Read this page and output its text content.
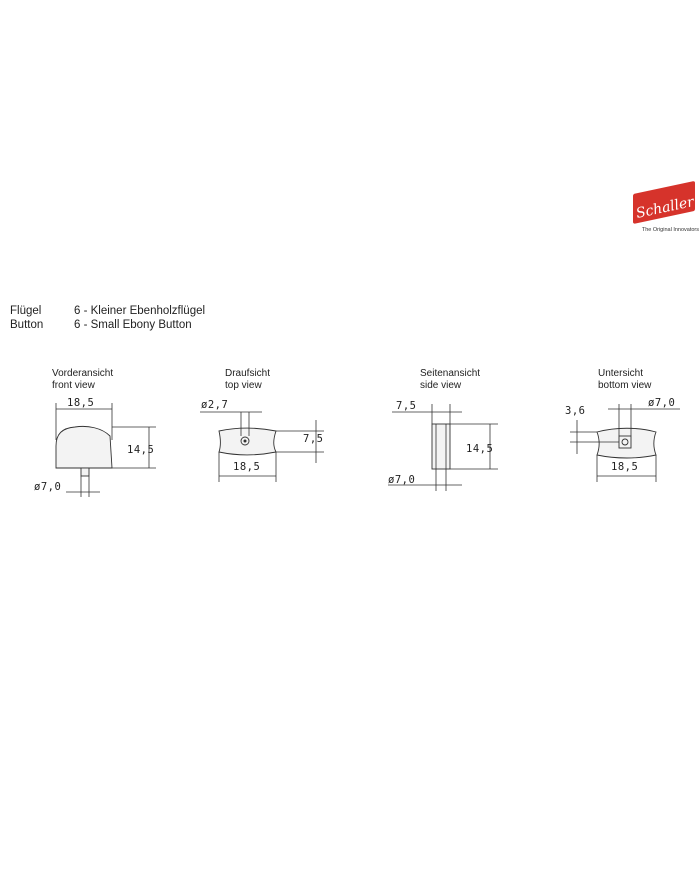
Schaller
The Original Innovators
Flügel	6 - Kleiner Ebenholzflügel
Button	6 - Small Ebony Button
Vorderansicht
front view
Draufsicht
top view
Seitenansicht
side view
Untersicht
bottom view
18,5
14,5
ø7,0
ø2,7
7,5
18,5
7,5
14,5
ø7,0
3,6
ø7,0
18,5
